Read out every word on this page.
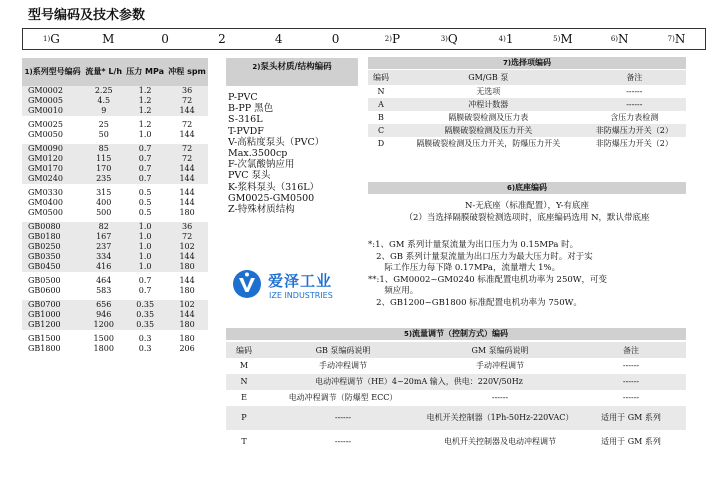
型号编码及技术参数
1) G	M	0	2	4	0	2) P	3) Q	4) 1	5) M	6) N	7) N
1)系列型号编码	流量* L/h	压力 MPa	冲程 spm
GM0002	2.25	1.2	36
GM0005	4.5	1.2	72
GM0010	9	1.2	144

GM0025	25	1.2	72
GM0050	50	1.0	144

GM0090	85	0.7	72
GM0120	115	0.7	72
GM0170	170	0.7	144
GM0240	235	0.7	144

GM0330	315	0.5	144
GM0400	400	0.5	144
GM0500	500	0.5	180

GB0080	82	1.0	36
GB0180	167	1.0	72
GB0250	237	1.0	102
GB0350	334	1.0	144
GB0450	416	1.0	180

GB0500	464	0.7	144
GB0600	583	0.7	180

GB0700	656	0.35	102
GB1000	946	0.35	144
GB1200	1200	0.35	180

GB1500	1500	0.3	180
GB1800	1800	0.3	206
2)泵头材质/结构编码
P-PVC
B-PP 黑色
S-316L
T-PVDF
V-高粘度泵头（PVC）
Max.3500cp
F-次氯酸钠应用
PVC 泵头
K-浆料泵头（316L）
GM0025-GM0500
Z-特殊材质结构
7)选择项编码
编码	GM/GB 泵	备注
N	无选项	------
A	冲程计数器	------
B	隔膜破裂检测及压力表	含压力表检测
C	隔膜破裂检测及压力开关	非防爆压力开关（2）
D	隔膜破裂检测及压力开关，防爆压力开关	非防爆压力开关（2）
6)底座编码
N-无底座（标准配置），Y-有底座
（2）当选择隔膜破裂检测选项时，底座编码选用 N，默认带底座
*:1、GM 系列计量泵流量为出口压力为 0.15MPa 时。
2、GB 系列计量泵流量为出口压力为最大压力时。对于实
际工作压力每下降 0.17MPa，流量增大 1%。
**:1、GM0002~GM0240 标准配置电机功率为 250W，可变
频应用。
2、GB1200~GB1800 标准配置电机功率为 750W。
爱泽工业
IZE INDUSTRIES
5)流量调节（控制方式）编码
编码	GB 泵编码说明	GM 泵编码说明	备注
M	手动冲程调节	手动冲程调节	------
N	电动冲程调节（HE）4~20mA 输入，供电：220V/50Hz		------
E	电动冲程调节（防爆型 ECC）	------	------
P	------	电机开关控制器（1Ph-50Hz-220VAC）	适用于 GM 系列
T	------	电机开关控制器及电动冲程调节	适用于 GM 系列
